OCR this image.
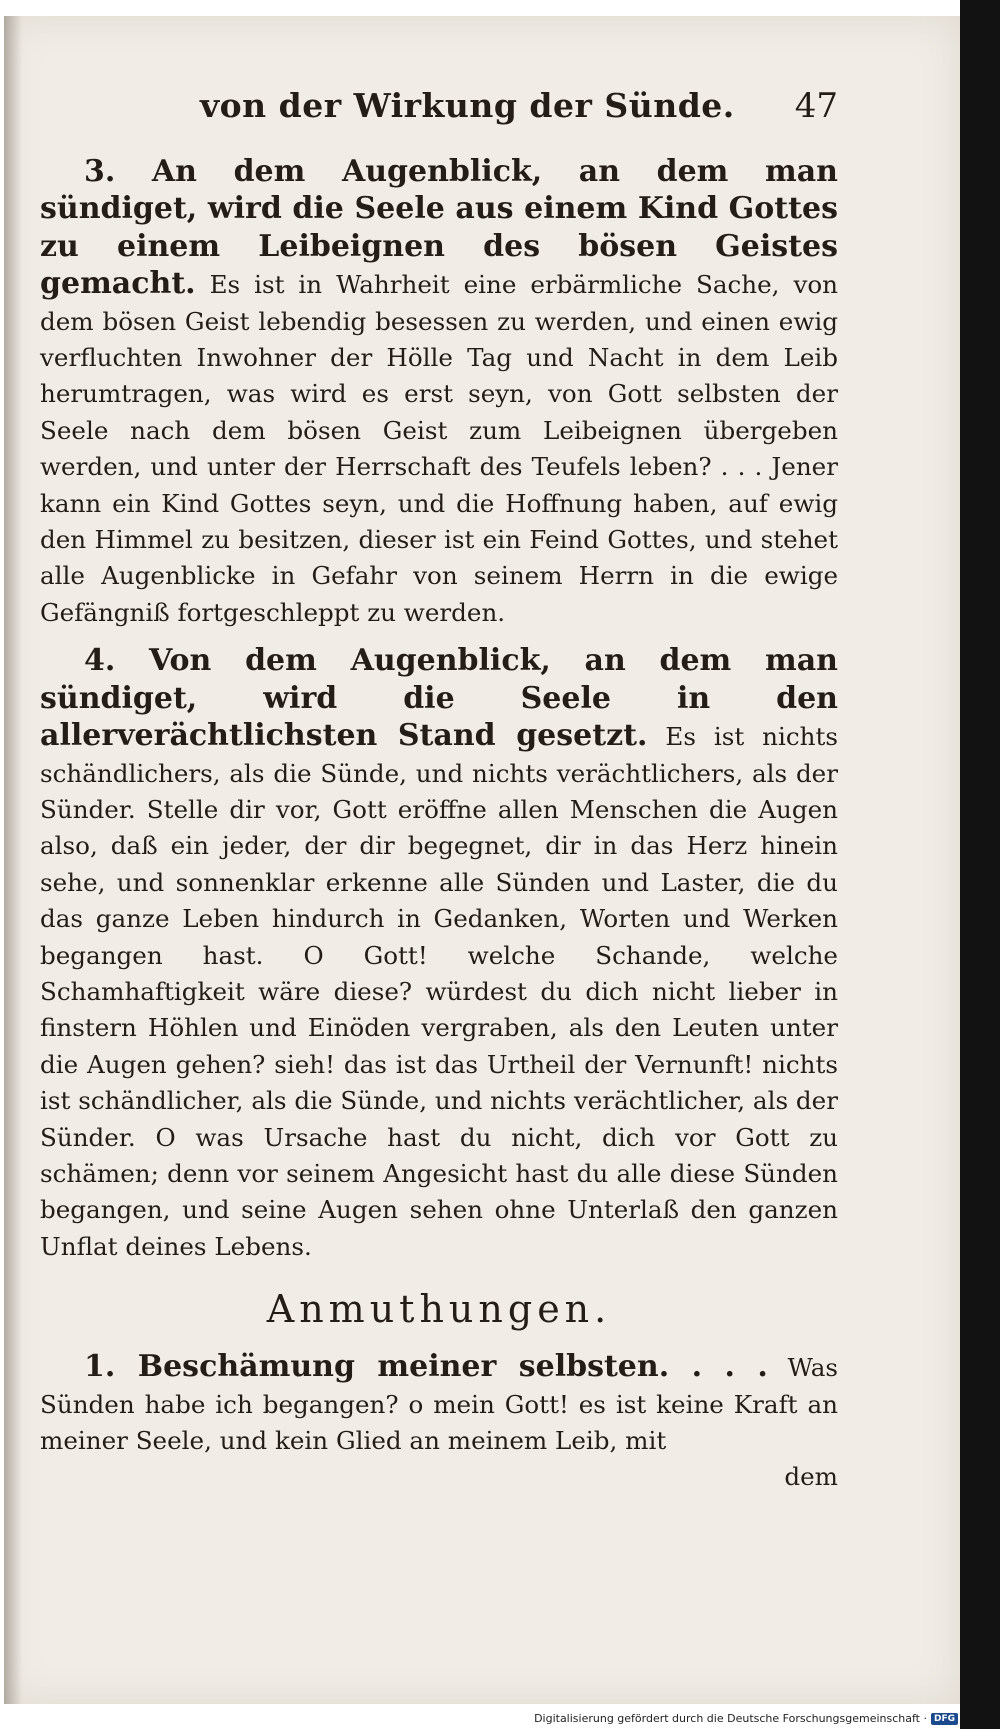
von der Wirkung der Sünde. 47

3. An dem Augenblick, an dem man sündiget, wird die Seele aus einem Kind Gottes zu einem Leibeignen des bösen Geistes gemacht. Es ist in Wahrheit eine erbärmliche Sache, von dem bösen Geist lebendig besessen zu werden, und einen ewig verfluchten Inwohner der Hölle Tag und Nacht in dem Leib herumtragen, was wird es erst seyn, von Gott selbsten der Seele nach dem bösen Geist zum Leibeignen übergeben werden, und unter der Herrschaft des Teufels leben? . . . Jener kann ein Kind Gottes seyn, und die Hoffnung haben, auf ewig den Himmel zu besitzen, dieser ist ein Feind Gottes, und stehet alle Augenblicke in Gefahr von seinem Herrn in die ewige Gefängniß fortgeschleppt zu werden.

4. Von dem Augenblick, an dem man sündiget, wird die Seele in den allerverächtlichsten Stand gesetzt. Es ist nichts schändlichers, als die Sünde, und nichts verächtlichers, als der Sünder. Stelle dir vor, Gott eröffne allen Menschen die Augen also, daß ein jeder, der dir begegnet, dir in das Herz hinein sehe, und sonnenklar erkenne alle Sünden und Laster, die du das ganze Leben hindurch in Gedanken, Worten und Werken begangen hast. O Gott! welche Schande, welche Schamhaftigkeit wäre diese? würdest du dich nicht lieber in finstern Höhlen und Einöden vergraben, als den Leuten unter die Augen gehen? sieh! das ist das Urtheil der Vernunft! nichts ist schändlicher, als die Sünde, und nichts verächtlicher, als der Sünder. O was Ursache hast du nicht, dich vor Gott zu schämen; denn vor seinem Angesicht hast du alle diese Sünden begangen, und seine Augen sehen ohne Unterlaß den ganzen Unflat deines Lebens.

Anmuthungen.

1. Beschämung meiner selbsten. . . . Was Sünden habe ich begangen? o mein Gott! es ist keine Kraft an meiner Seele, und kein Glied an meinem Leib, mit

dem
Digitalisierung gefördert durch die Deutsche Forschungsgemeinschaft · DFG
